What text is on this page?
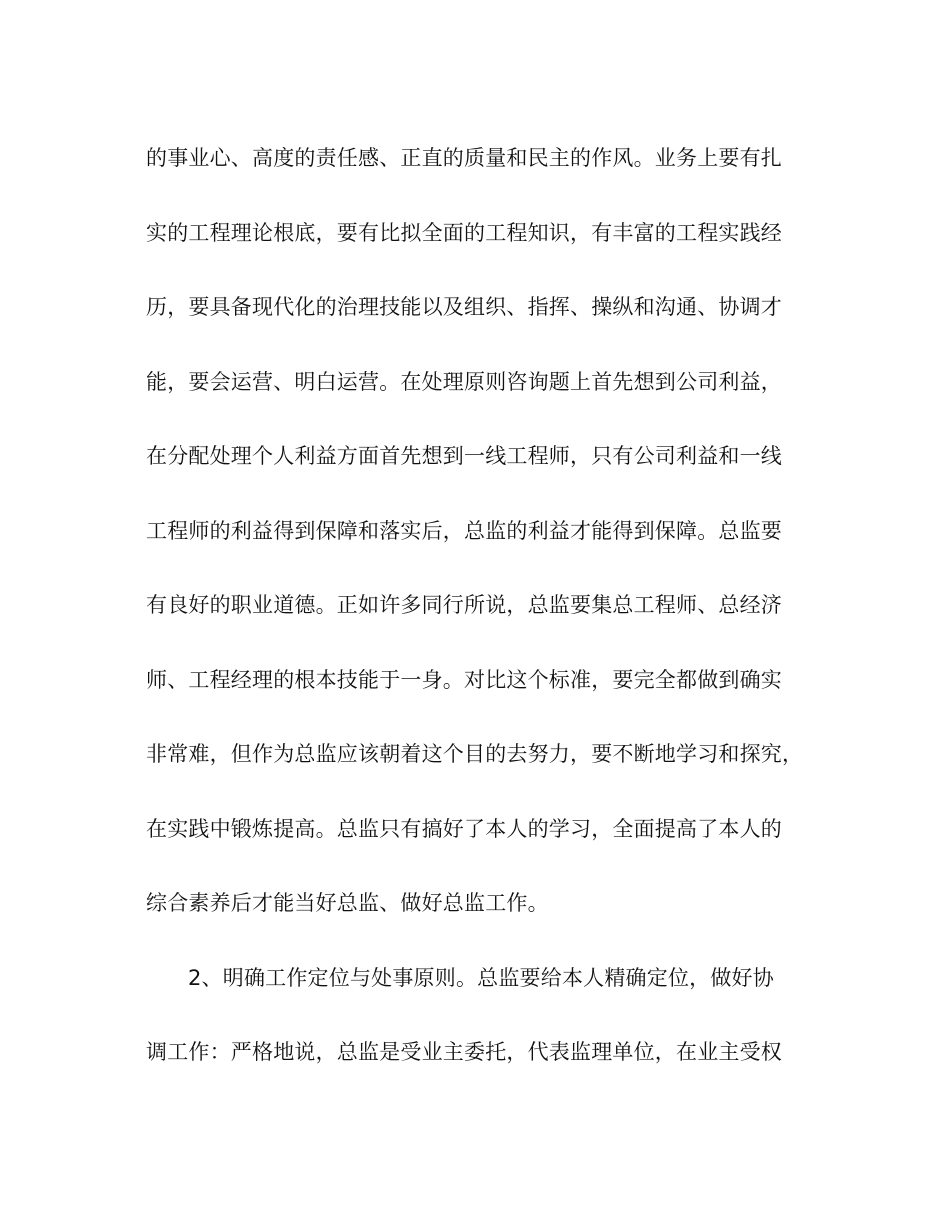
的事业心、高度的责任感、正直的质量和民主的作风。业务上要有扎
实的工程理论根底，要有比拟全面的工程知识，有丰富的工程实践经
历，要具备现代化的治理技能以及组织、指挥、操纵和沟通、协调才
能，要会运营、明白运营。在处理原则咨询题上首先想到公司利益，
在分配处理个人利益方面首先想到一线工程师，只有公司利益和一线
工程师的利益得到保障和落实后，总监的利益才能得到保障。总监要
有良好的职业道德。正如许多同行所说，总监要集总工程师、总经济
师、工程经理的根本技能于一身。对比这个标准，要完全都做到确实
非常难，但作为总监应该朝着这个目的去努力，要不断地学习和探究，
在实践中锻炼提高。总监只有搞好了本人的学习，全面提高了本人的
综合素养后才能当好总监、做好总监工作。
2、明确工作定位与处事原则。总监要给本人精确定位，做好协
调工作：严格地说，总监是受业主委托，代表监理单位，在业主受权
